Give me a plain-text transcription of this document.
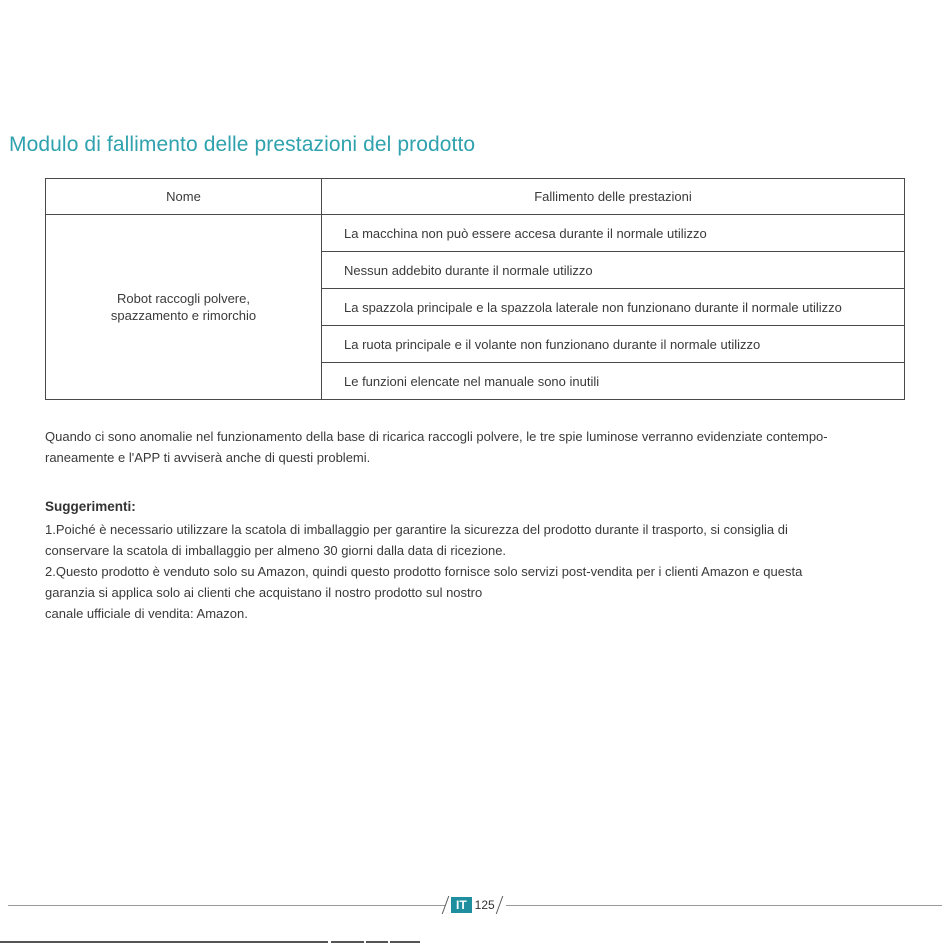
Modulo di fallimento delle prestazioni del prodotto
Nome	Fallimento delle prestazioni

Robot raccogli polvere,
spazzamento e rimorchio	La macchina non può essere accesa durante il normale utilizzo
	Nessun addebito durante il normale utilizzo
	La spazzola principale e la spazzola laterale non funzionano durante il normale utilizzo
	La ruota principale e il volante non funzionano durante il normale utilizzo
	Le funzioni elencate nel manuale sono inutili
Quando ci sono anomalie nel funzionamento della base di ricarica raccogli polvere, le tre spie luminose verranno evidenziate contempo-
raneamente e l'APP ti avviserà anche di questi problemi.
Suggerimenti:
1.Poiché è necessario utilizzare la scatola di imballaggio per garantire la sicurezza del prodotto durante il trasporto, si consiglia di
conservare la scatola di imballaggio per almeno 30 giorni dalla data di ricezione.
2.Questo prodotto è venduto solo su Amazon, quindi questo prodotto fornisce solo servizi post-vendita per i clienti Amazon e questa
garanzia si applica solo ai clienti che acquistano il nostro prodotto sul nostro
canale ufficiale di vendita: Amazon.
IT 125
